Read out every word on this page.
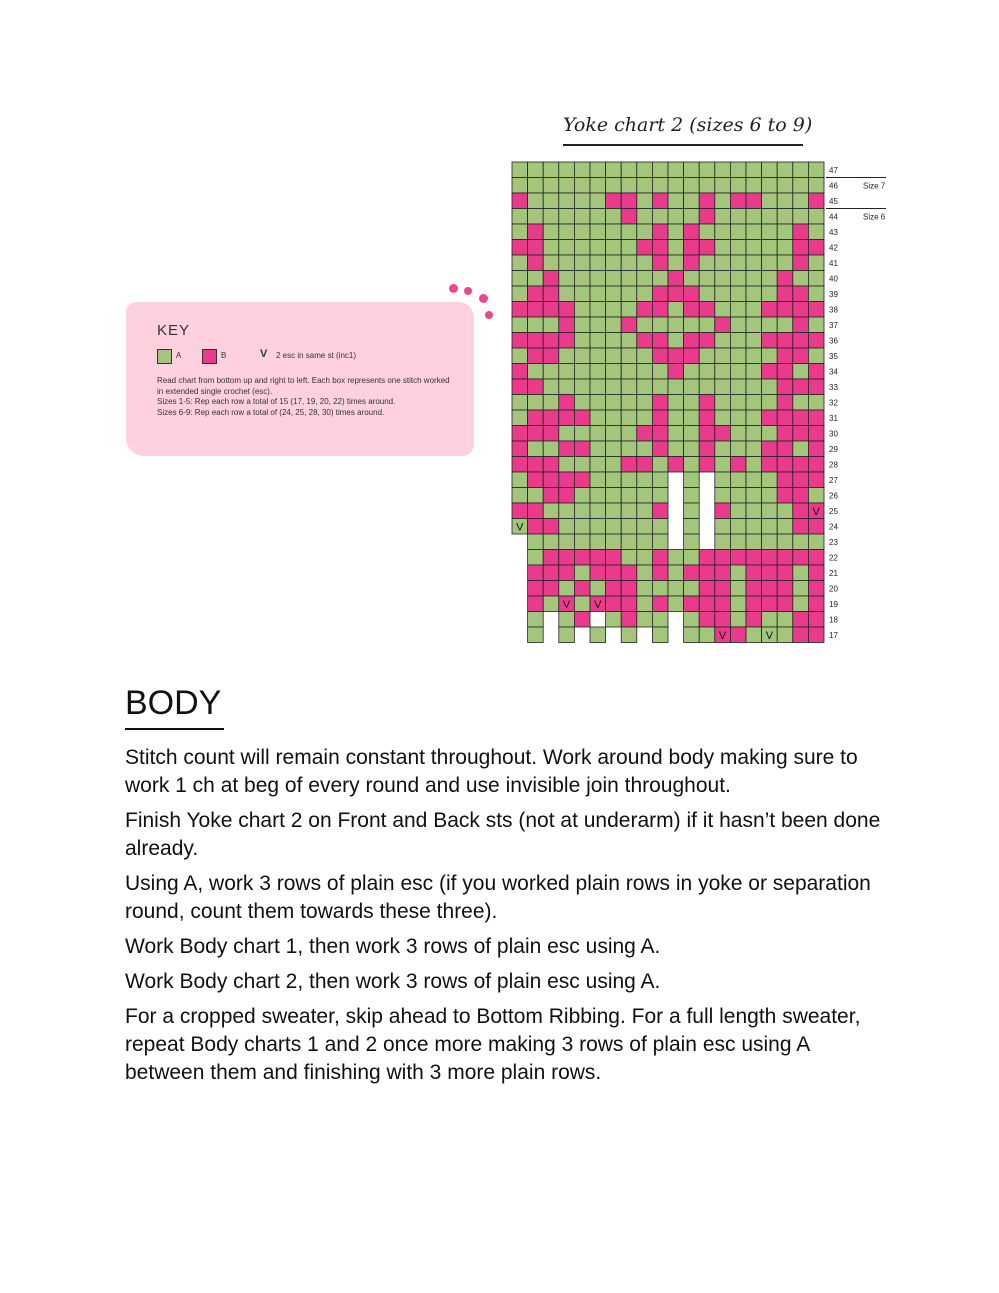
Yoke chart 2 (sizes 6 to 9)
V
V
47
46
45
44
43
42
41
40
39
38
37
36
35
34
33
32
31
30
29
28
27
26
25
24
23
V V
V	V
22
21
20
19
18
17
Size 7
Size 6
KEY
A	B	V 2 esc in same st (inc1)

Read chart from bottom up and right to left. Each box represents one stitch worked in extended single crochet (esc).

Sizes 1-5: Rep each row a total of 15 (17, 19, 20, 22) times around.

Sizes 6-9: Rep each row a total of (24, 25, 28, 30) times around.

BODY

Stitch count will remain constant throughout. Work around body making sure to work 1 ch at beg of every round and use invisible join throughout.

Finish Yoke chart 2 on Front and Back sts (not at underarm) if it hasn’t been done already.

Using A, work 3 rows of plain esc (if you worked plain rows in yoke or separation round, count them towards these three).

Work Body chart 1, then work 3 rows of plain esc using A.

Work Body chart 2, then work 3 rows of plain esc using A.

For a cropped sweater, skip ahead to Bottom Ribbing. For a full length sweater, repeat Body charts 1 and 2 once more making 3 rows of plain esc using A between them and finishing with 3 more plain rows.
